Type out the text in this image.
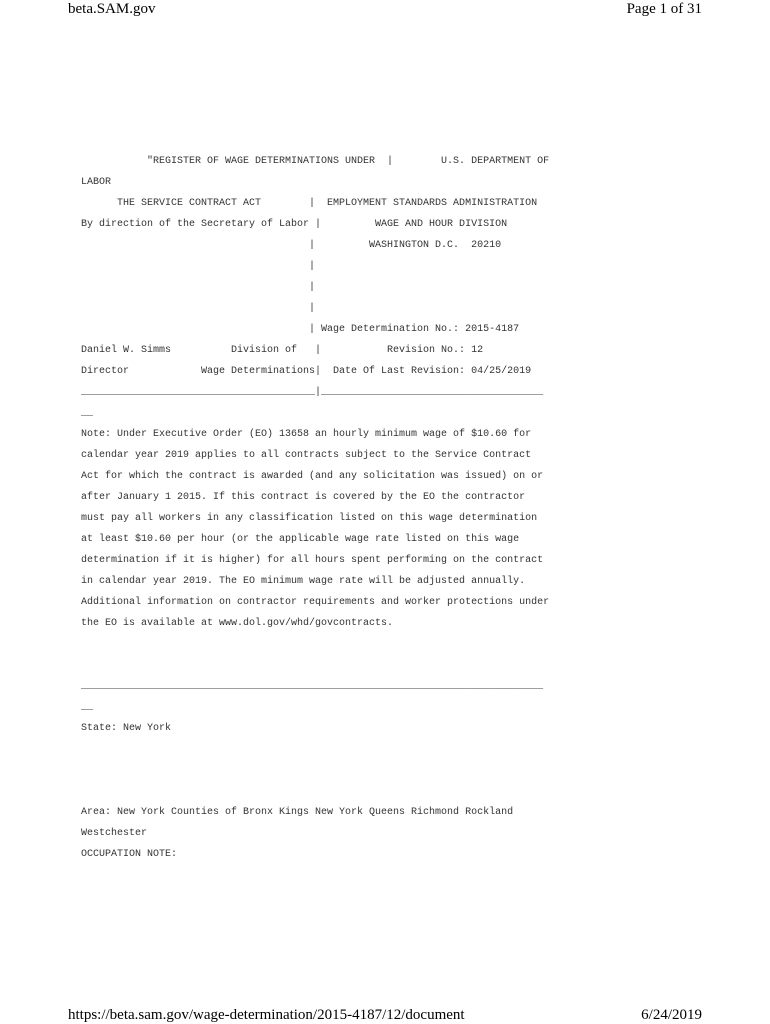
beta.SAM.gov	Page 1 of 31
"REGISTER OF WAGE DETERMINATIONS UNDER  |        U.S. DEPARTMENT OF
LABOR
THE SERVICE CONTRACT ACT        |  EMPLOYMENT STANDARDS ADMINISTRATION
By direction of the Secretary of Labor |         WAGE AND HOUR DIVISION
|         WASHINGTON D.C.  20210
|
|
|
| Wage Determination No.: 2015-4187
Daniel W. Simms          Division of   |           Revision No.: 12
Director            Wage Determinations|  Date Of Last Revision: 04/25/2019
_______________________________________|_____________________________________
__
Note: Under Executive Order (EO) 13658 an hourly minimum wage of $10.60 for
calendar year 2019 applies to all contracts subject to the Service Contract
Act for which the contract is awarded (and any solicitation was issued) on or
after January 1 2015. If this contract is covered by the EO the contractor
must pay all workers in any classification listed on this wage determination
at least $10.60 per hour (or the applicable wage rate listed on this wage
determination if it is higher) for all hours spent performing on the contract
in calendar year 2019. The EO minimum wage rate will be adjusted annually.
Additional information on contractor requirements and worker protections under
the EO is available at www.dol.gov/whd/govcontracts.
_____________________________________________________________________________
__
State: New York
Area: New York Counties of Bronx Kings New York Queens Richmond Rockland
Westchester
OCCUPATION NOTE:
https://beta.sam.gov/wage-determination/2015-4187/12/document	6/24/2019
